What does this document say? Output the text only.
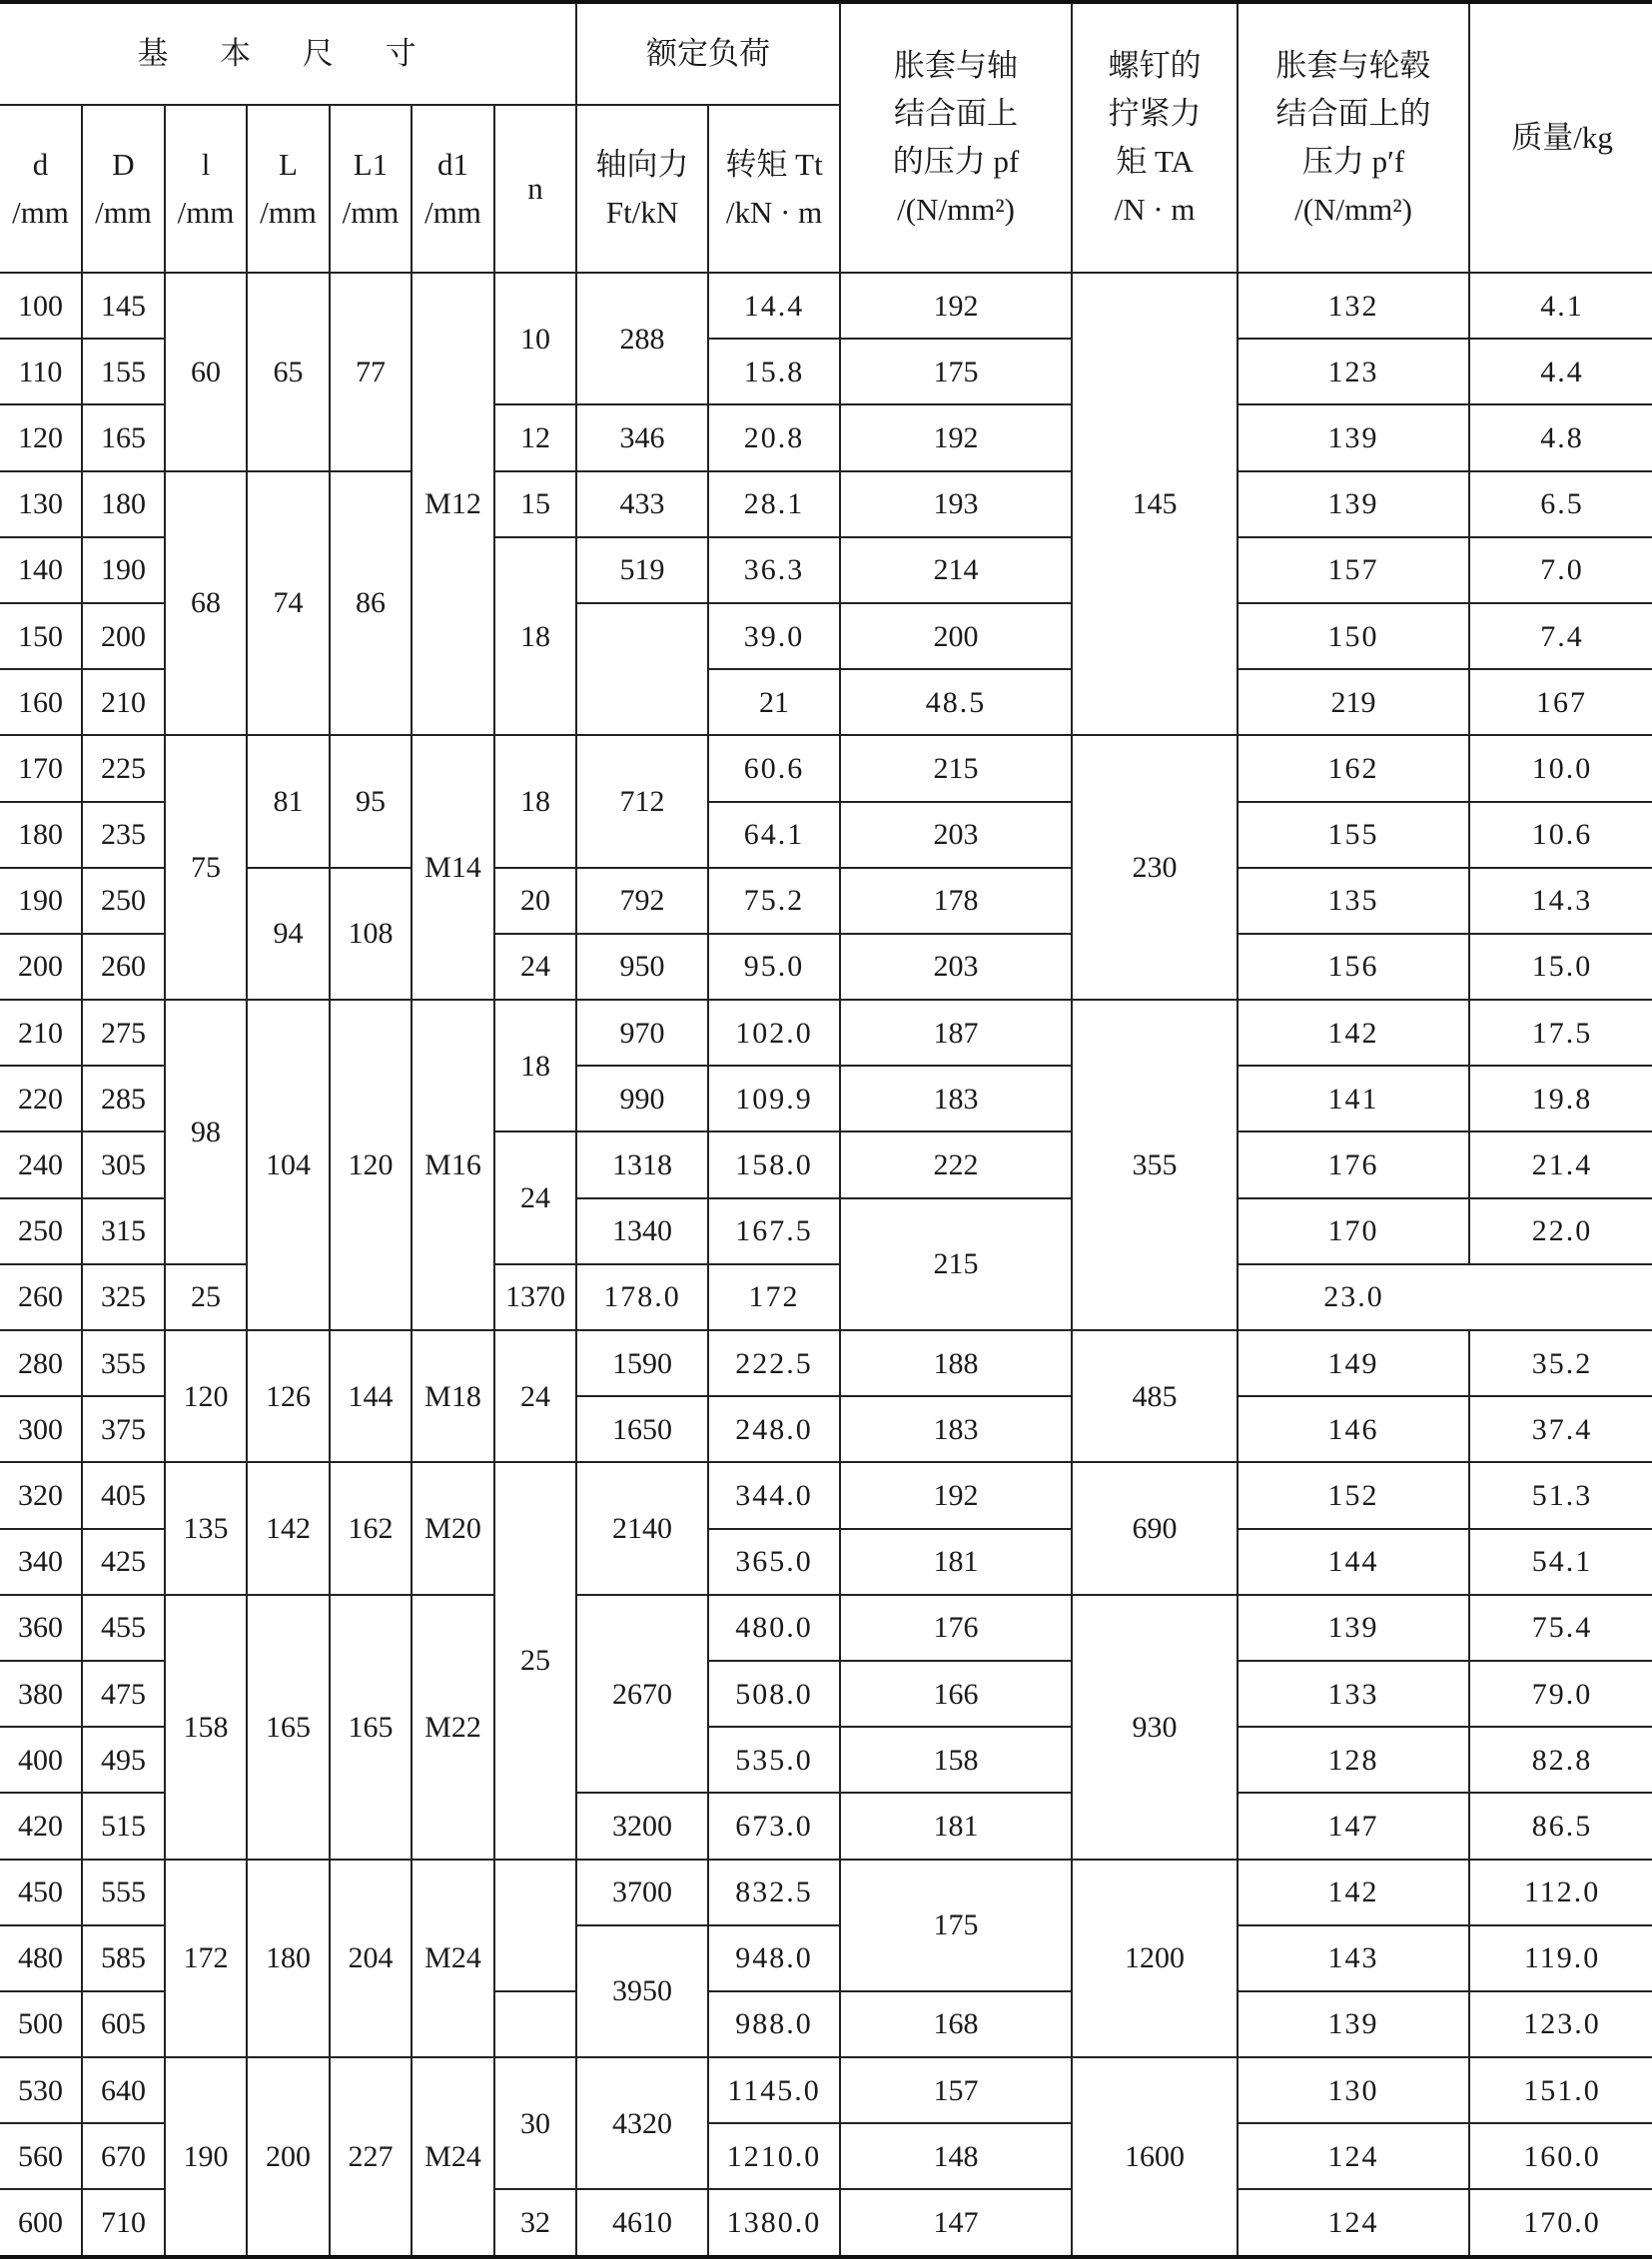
基 本 尺 寸							额定负荷		胀套与轴
结合面上
的压力 pf
/(N/mm²)	螺钉的
拧紧力
矩 TA
/N · m	胀套与轮毂
结合面上的
压力 p′f
/(N/mm²)	质量/kg	
d
/mm	D
/mm	l
/mm	L
/mm	L1
/mm	d1
/mm	n	轴向力
Ft/kN	转矩 Tt
/kN · m					
100	145	60	65	77	M12	10	288	14.4	192	145	132	4.1	
110	155							15.8	175		123	4.4	
120	165					12	346	20.8	192		139	4.8	
130	180	68	74	86		15	433	28.1	193		139	6.5	
140	190					18	519	36.3	214		157	7.0	
150	200							39.0	200		150	7.4	
160	210							21	48.5		219	167	
170	225	75	81	95	M14	18	712	60.6	215	230	162	10.0	
180	235							64.1	203		155	10.6	
190	250		94	108		20	792	75.2	178		135	14.3	
200	260					24	950	95.0	203		156	15.0	
210	275	98	104	120	M16	18	970	102.0	187	355	142	17.5	
220	285						990	109.9	183		141	19.8	
240	305					24	1318	158.0	222		176	21.4	
250	315						1340	167.5	215		170	22.0	
260	325	25				1370	178.0	172			23.0		
280	355	120	126	144	M18	24	1590	222.5	188	485	149	35.2	
300	375						1650	248.0	183		146	37.4	
320	405	135	142	162	M20	25	2140	344.0	192	690	152	51.3	
340	425							365.0	181		144	54.1	
360	455	158	165	165	M22		2670	480.0	176	930	139	75.4	
380	475							508.0	166		133	79.0	
400	495							535.0	158		128	82.8	
420	515						3200	673.0	181		147	86.5	
450	555	172	180	204	M24		3700	832.5	175	1200	142	112.0	
480	585						3950	948.0			143	119.0	
500	605							988.0	168		139	123.0	
530	640	190	200	227	M24	30	4320	1145.0	157	1600	130	151.0	
560	670							1210.0	148		124	160.0	
600	710					32	4610	1380.0	147		124	170.0	
